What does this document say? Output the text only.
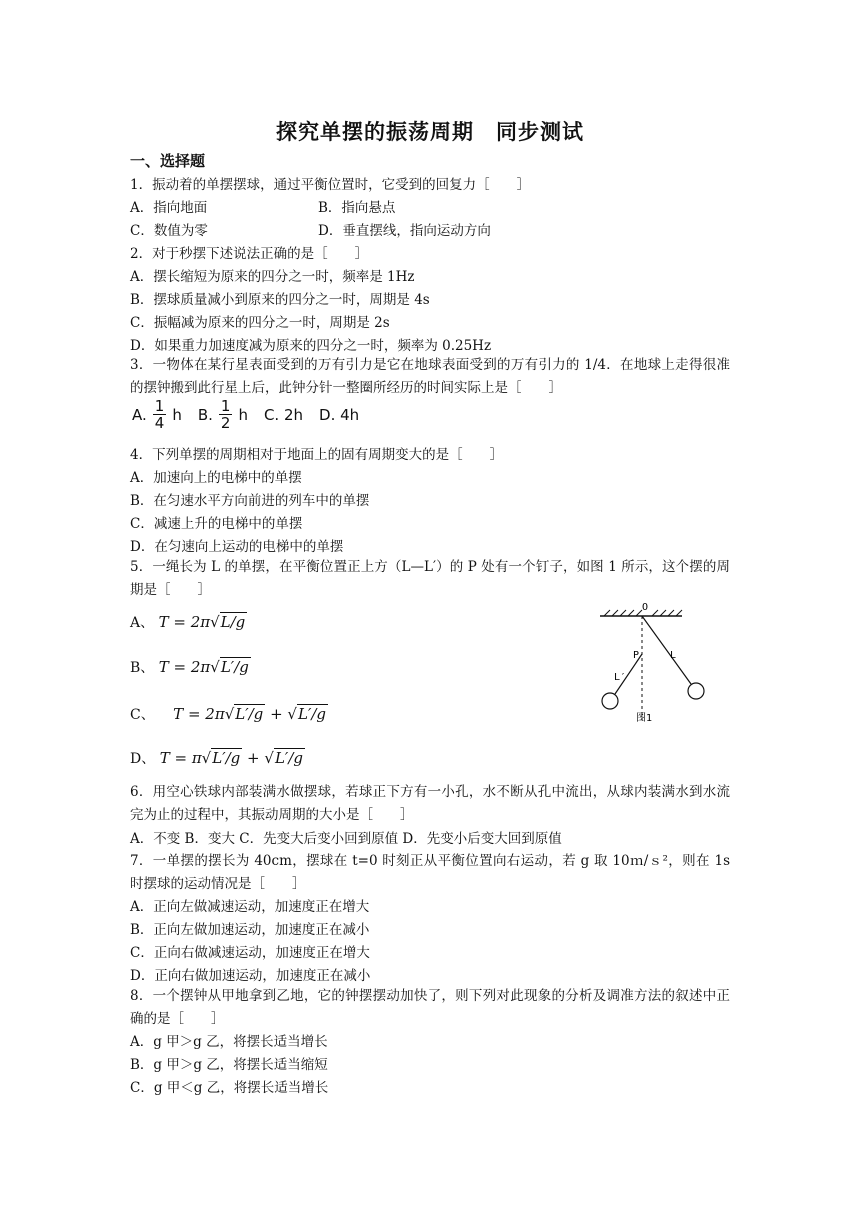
探究单摆的振荡周期　同步测试
一、选择题
1．振动着的单摆摆球，通过平衡位置时，它受到的回复力［　　］
A．指向地面	B．指向悬点
C．数值为零	D．垂直摆线，指向运动方向
2．对于秒摆下述说法正确的是［　　］
A．摆长缩短为原来的四分之一时，频率是 1Hz
B．摆球质量减小到原来的四分之一时，周期是 4s
C．振幅减为原来的四分之一时，周期是 2s
D．如果重力加速度减为原来的四分之一时，频率为 0.25Hz
3．一物体在某行星表面受到的万有引力是它在地球表面受到的万有引力的 1/4．在地球上走得很准的摆钟搬到此行星上后，此钟分针一整圈所经历的时间实际上是［　　］
A. $\frac{1}{4}$ h B. $\frac{1}{2}$ h C. 2h D. 4h
4．下列单摆的周期相对于地面上的固有周期变大的是［　　］
A．加速向上的电梯中的单摆
B．在匀速水平方向前进的列车中的单摆
C．减速上升的电梯中的单摆
D．在匀速向上运动的电梯中的单摆
5．一绳长为 L 的单摆，在平衡位置正上方（L—L′）的 P 处有一个钉子，如图 1 所示，这个摆的周期是［　　］
A、 T = 2π√L/g
B、 T = 2π√L′/g
C、 T = 2π√L′/g + √L′/g
D、 T = π√L′/g + √L′/g
O
P	L
L′
图1
6．用空心铁球内部装满水做摆球，若球正下方有一小孔，水不断从孔中流出，从球内装满水到水流完为止的过程中，其振动周期的大小是［　　］
A．不变 B．变大 C．先变大后变小回到原值 D．先变小后变大回到原值
7．一单摆的摆长为 40cm，摆球在 t=0 时刻正从平衡位置向右运动，若 g 取 10ｍ/ｓ²，则在 1s 时摆球的运动情况是［　　］
A．正向左做减速运动，加速度正在增大
B．正向左做加速运动，加速度正在减小
C．正向右做减速运动，加速度正在增大
D．正向右做加速运动，加速度正在减小
8．一个摆钟从甲地拿到乙地，它的钟摆摆动加快了，则下列对此现象的分析及调准方法的叙述中正确的是［　　］
A．g 甲＞g 乙，将摆长适当增长
B．g 甲＞g 乙，将摆长适当缩短
C．g 甲＜g 乙，将摆长适当增长
